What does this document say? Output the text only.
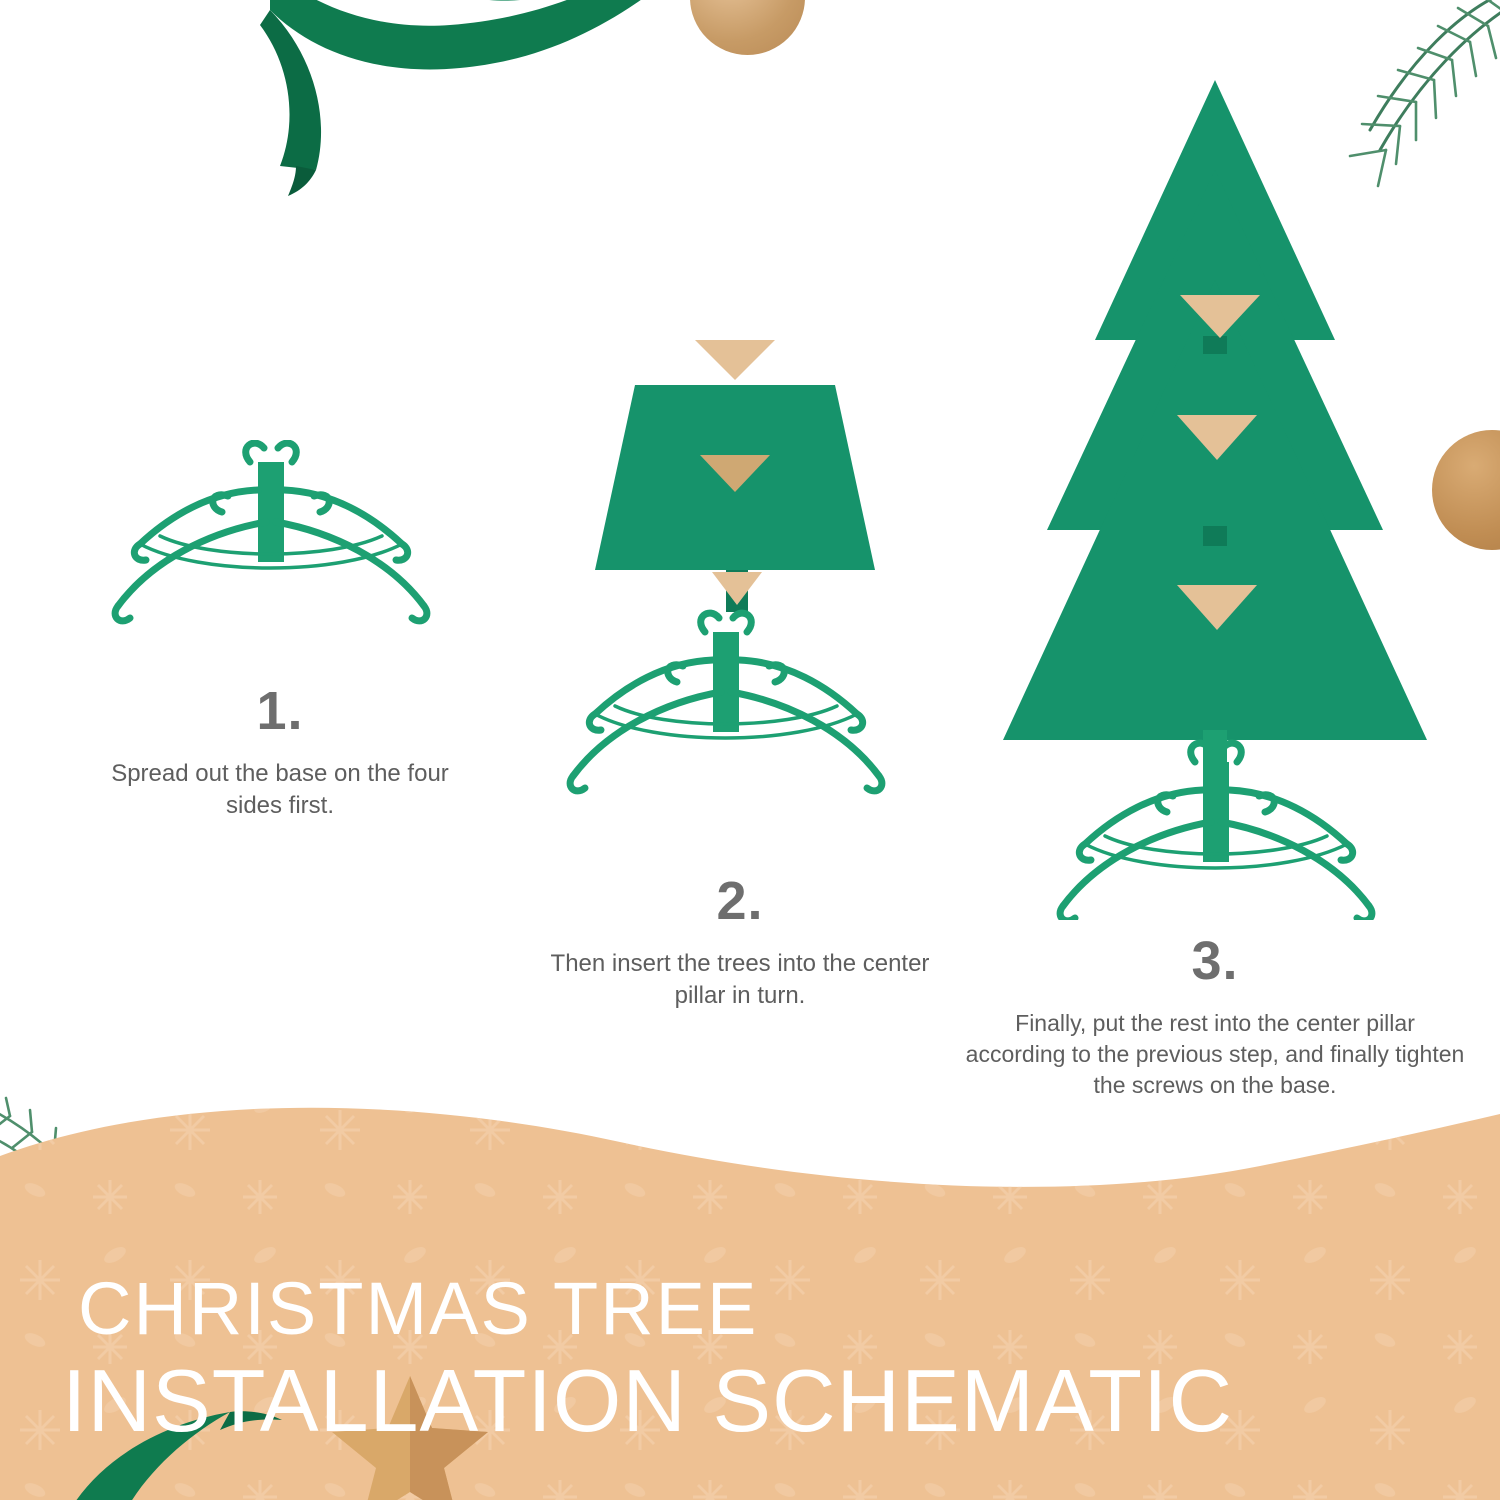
1.
Spread out the base on the four sides first.
2.
Then insert the trees into the center pillar in turn.
3.
Finally, put the rest into the center pillar according to the previous step, and finally tighten the screws on the base.
CHRISTMAS TREE
INSTALLATION SCHEMATIC
